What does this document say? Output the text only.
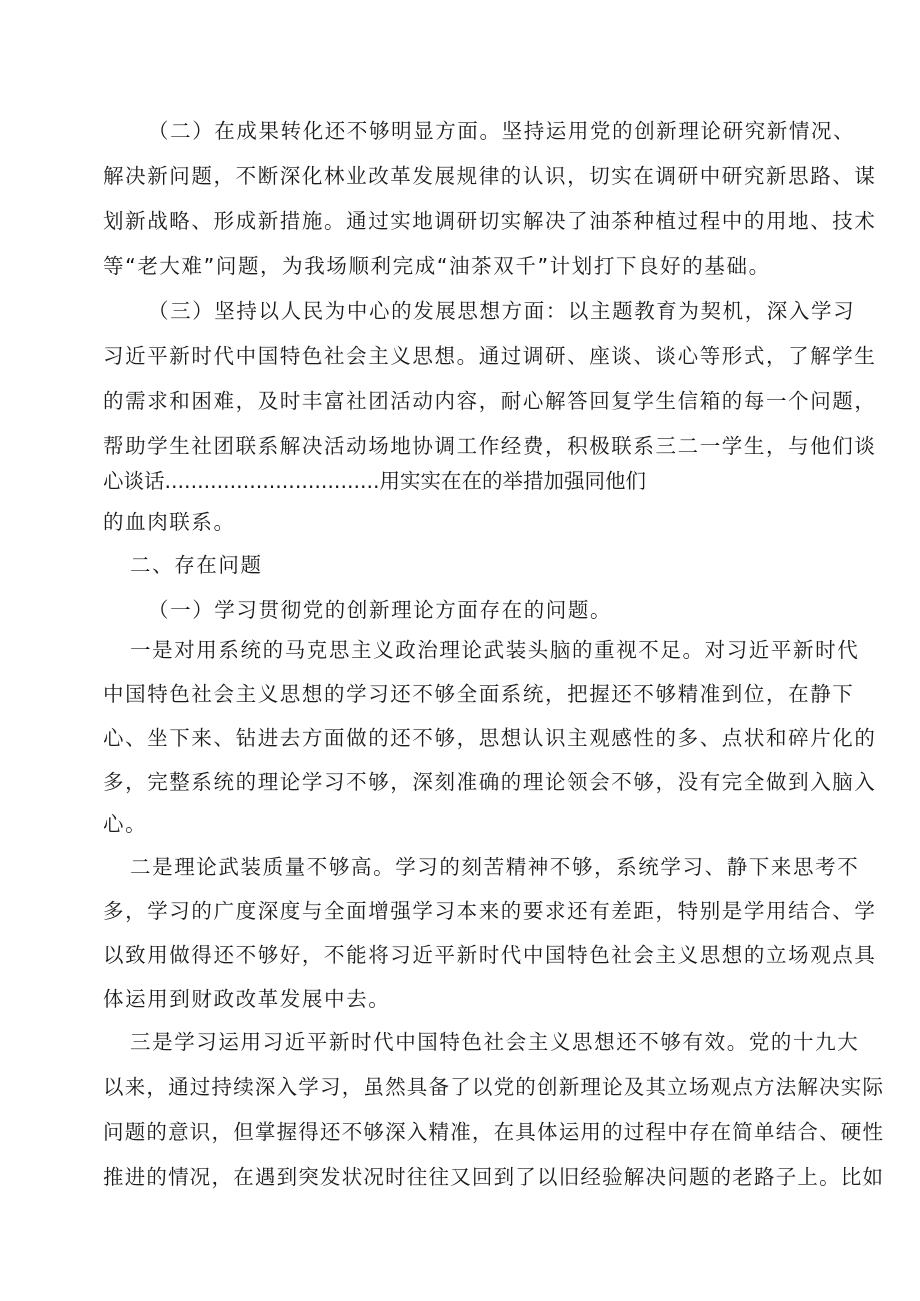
（二）在成果转化还不够明显方面。坚持运用党的创新理论研究新情况、
解决新问题，不断深化林业改革发展规律的认识，切实在调研中研究新思路、谋
划新战略、形成新措施。通过实地调研切实解决了油茶种植过程中的用地、技术
等“老大难”问题，为我场顺利完成“油茶双千”计划打下良好的基础。
（三）坚持以人民为中心的发展思想方面：以主题教育为契机，深入学习
习近平新时代中国特色社会主义思想。通过调研、座谈、谈心等形式，了解学生
的需求和困难，及时丰富社团活动内容，耐心解答回复学生信箱的每一个问题，
帮助学生社团联系解决活动场地协调工作经费，积极联系三二一学生，与他们谈
心谈话.................................用实实在在的举措加强同他们
的血肉联系。
二、存在问题
（一）学习贯彻党的创新理论方面存在的问题。
一是对用系统的马克思主义政治理论武装头脑的重视不足。对习近平新时代
中国特色社会主义思想的学习还不够全面系统，把握还不够精准到位，在静下
心、坐下来、钻进去方面做的还不够，思想认识主观感性的多、点状和碎片化的
多，完整系统的理论学习不够，深刻准确的理论领会不够，没有完全做到入脑入
心。
二是理论武装质量不够高。学习的刻苦精神不够，系统学习、静下来思考不
多，学习的广度深度与全面增强学习本来的要求还有差距，特别是学用结合、学
以致用做得还不够好，不能将习近平新时代中国特色社会主义思想的立场观点具
体运用到财政改革发展中去。
三是学习运用习近平新时代中国特色社会主义思想还不够有效。党的十九大
以来，通过持续深入学习，虽然具备了以党的创新理论及其立场观点方法解决实际
问题的意识，但掌握得还不够深入精准，在具体运用的过程中存在简单结合、硬性
推进的情况，在遇到突发状况时往往又回到了以旧经验解决问题的老路子上。比如
